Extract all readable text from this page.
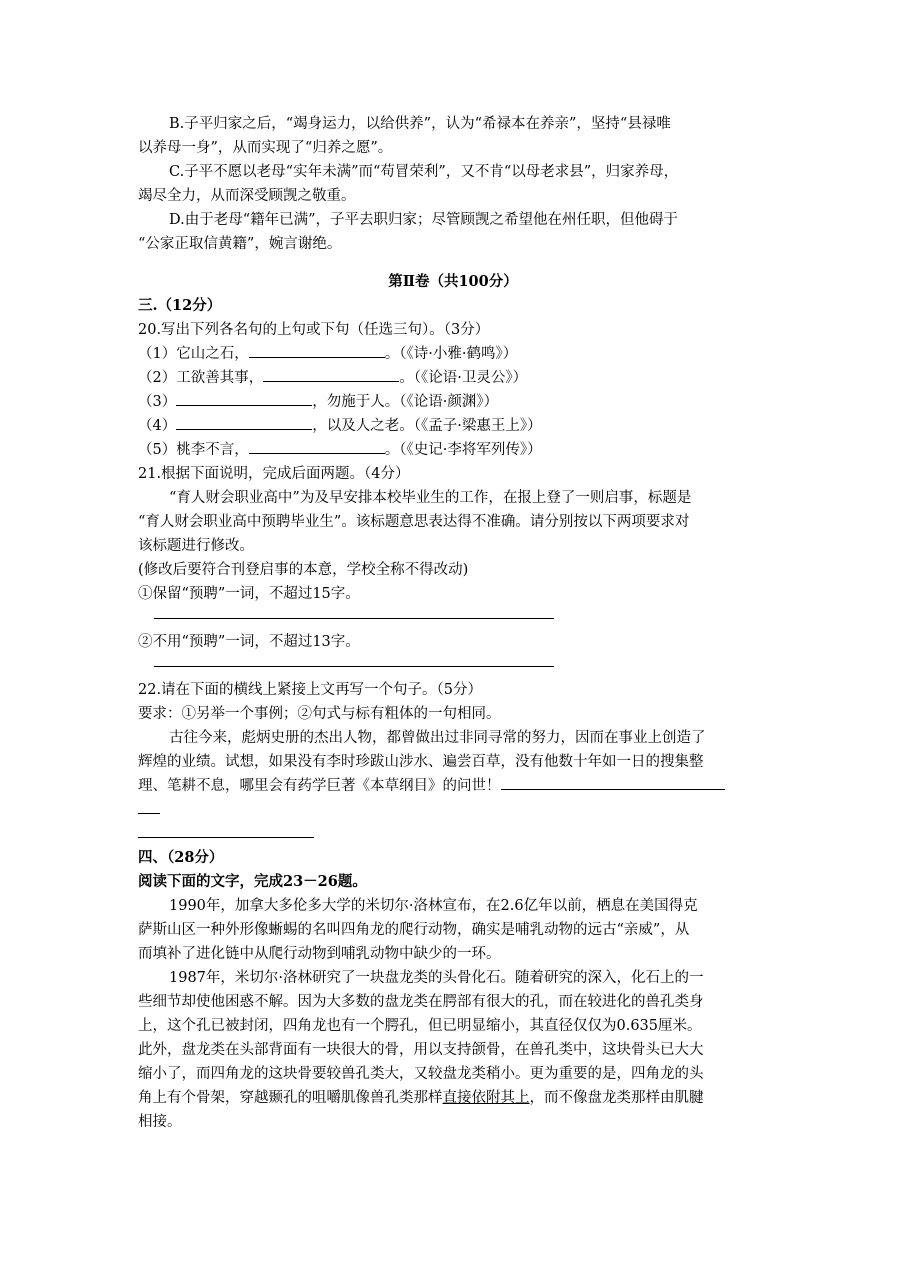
B.子平归家之后，“竭身运力，以给供养”，认为“希禄本在养亲”，坚持“县禄唯
以养母一身”，从而实现了“归养之愿”。
C.子平不愿以老母“实年未满”而“苟冒荣利”，又不肯“以母老求县”，归家养母，
竭尽全力，从而深受顾觊之敬重。
D.由于老母“籍年已满”，子平去职归家；尽管顾觊之希望他在州任职，但他碍于
“公家正取信黄籍”，婉言谢绝。
第Ⅱ卷（共100分）
三.（12分）
20.写出下列各名句的上句或下句（任选三句）。（3分）
（1）它山之石，	。（《诗·小雅·鹤鸣》）
（2）工欲善其事，	。（《论语·卫灵公》）
（3）	，勿施于人。（《论语·颜渊》）
（4）	，以及人之老。（《孟子·梁惠王上》）
（5）桃李不言，	。（《史记·李将军列传》）
21.根据下面说明，完成后面两题。（4分）
“育人财会职业高中”为及早安排本校毕业生的工作，在报上登了一则启事，标题是
“育人财会职业高中预聘毕业生”。该标题意思表达得不准确。请分别按以下两项要求对
该标题进行修改。
(修改后要符合刊登启事的本意，学校全称不得改动)
①保留“预聘”一词，不超过15字。
②不用“预聘”一词，不超过13字。
22.请在下面的横线上紧接上文再写一个句子。（5分）
要求：①另举一个事例；②句式与标有粗体的一句相同。
古往今来，彪炳史册的杰出人物，都曾做出过非同寻常的努力，因而在事业上创造了
辉煌的业绩。试想，如果没有李时珍跋山涉水、遍尝百草，没有他数十年如一日的搜集整
理、笔耕不息，哪里会有药学巨著《本草纲目》的问世！
四、（28分）
阅读下面的文字，完成23－26题。
1990年，加拿大多伦多大学的米切尔·洛林宣布，在2.6亿年以前，栖息在美国得克
萨斯山区一种外形像蜥蜴的名叫四角龙的爬行动物，确实是哺乳动物的远古“亲威”，从
而填补了进化链中从爬行动物到哺乳动物中缺少的一环。
1987年，米切尔·洛林研究了一块盘龙类的头骨化石。随着研究的深入，化石上的一
些细节却使他困惑不解。因为大多数的盘龙类在腭部有很大的孔，而在较进化的兽孔类身
上，这个孔已被封闭，四角龙也有一个腭孔，但已明显缩小，其直径仅仅为0.635厘米。
此外，盘龙类在头部背面有一块很大的骨，用以支持颌骨，在兽孔类中，这块骨头已大大
缩小了，而四角龙的这块骨要较兽孔类大，又较盘龙类稍小。更为重要的是，四角龙的头
角上有个骨架，穿越颞孔的咀嚼肌像兽孔类那样直接依附其上，而不像盘龙类那样由肌腱
相接。
